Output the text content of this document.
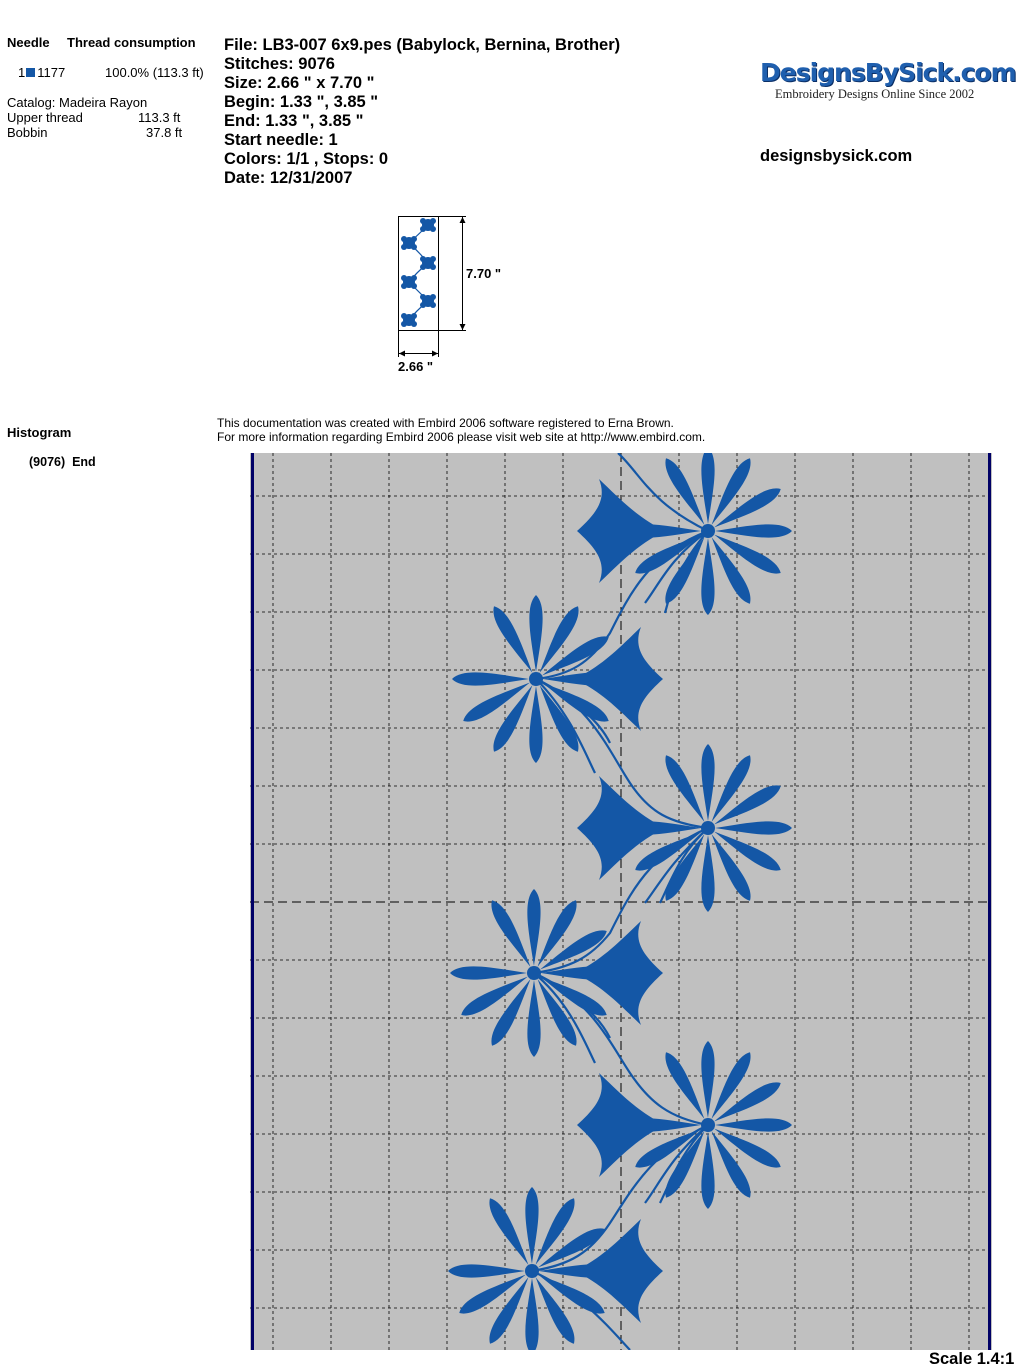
Needle Thread consumption
1 1177	100.0% (113.3 ft)
Catalog: Madeira Rayon
Upper thread	113.3 ft
Bobbin	37.8 ft
File: LB3-007 6x9.pes (Babylock, Bernina, Brother)
Stitches: 9076
Size: 2.66 " x 7.70 "
Begin: 1.33 ", 3.85 "
End: 1.33 ", 3.85 "
Start needle: 1
Colors: 1/1 , Stops: 0
Date: 12/31/2007
DesignsBySick.com
Embroidery Designs Online Since 2002
designsbysick.com
7.70 "
2.66 "
Histogram
(9076)  End
This documentation was created with Embird 2006 software registered to Erna Brown.
For more information regarding Embird 2006 please visit web site at http://www.embird.com.
Scale 1.4:1
